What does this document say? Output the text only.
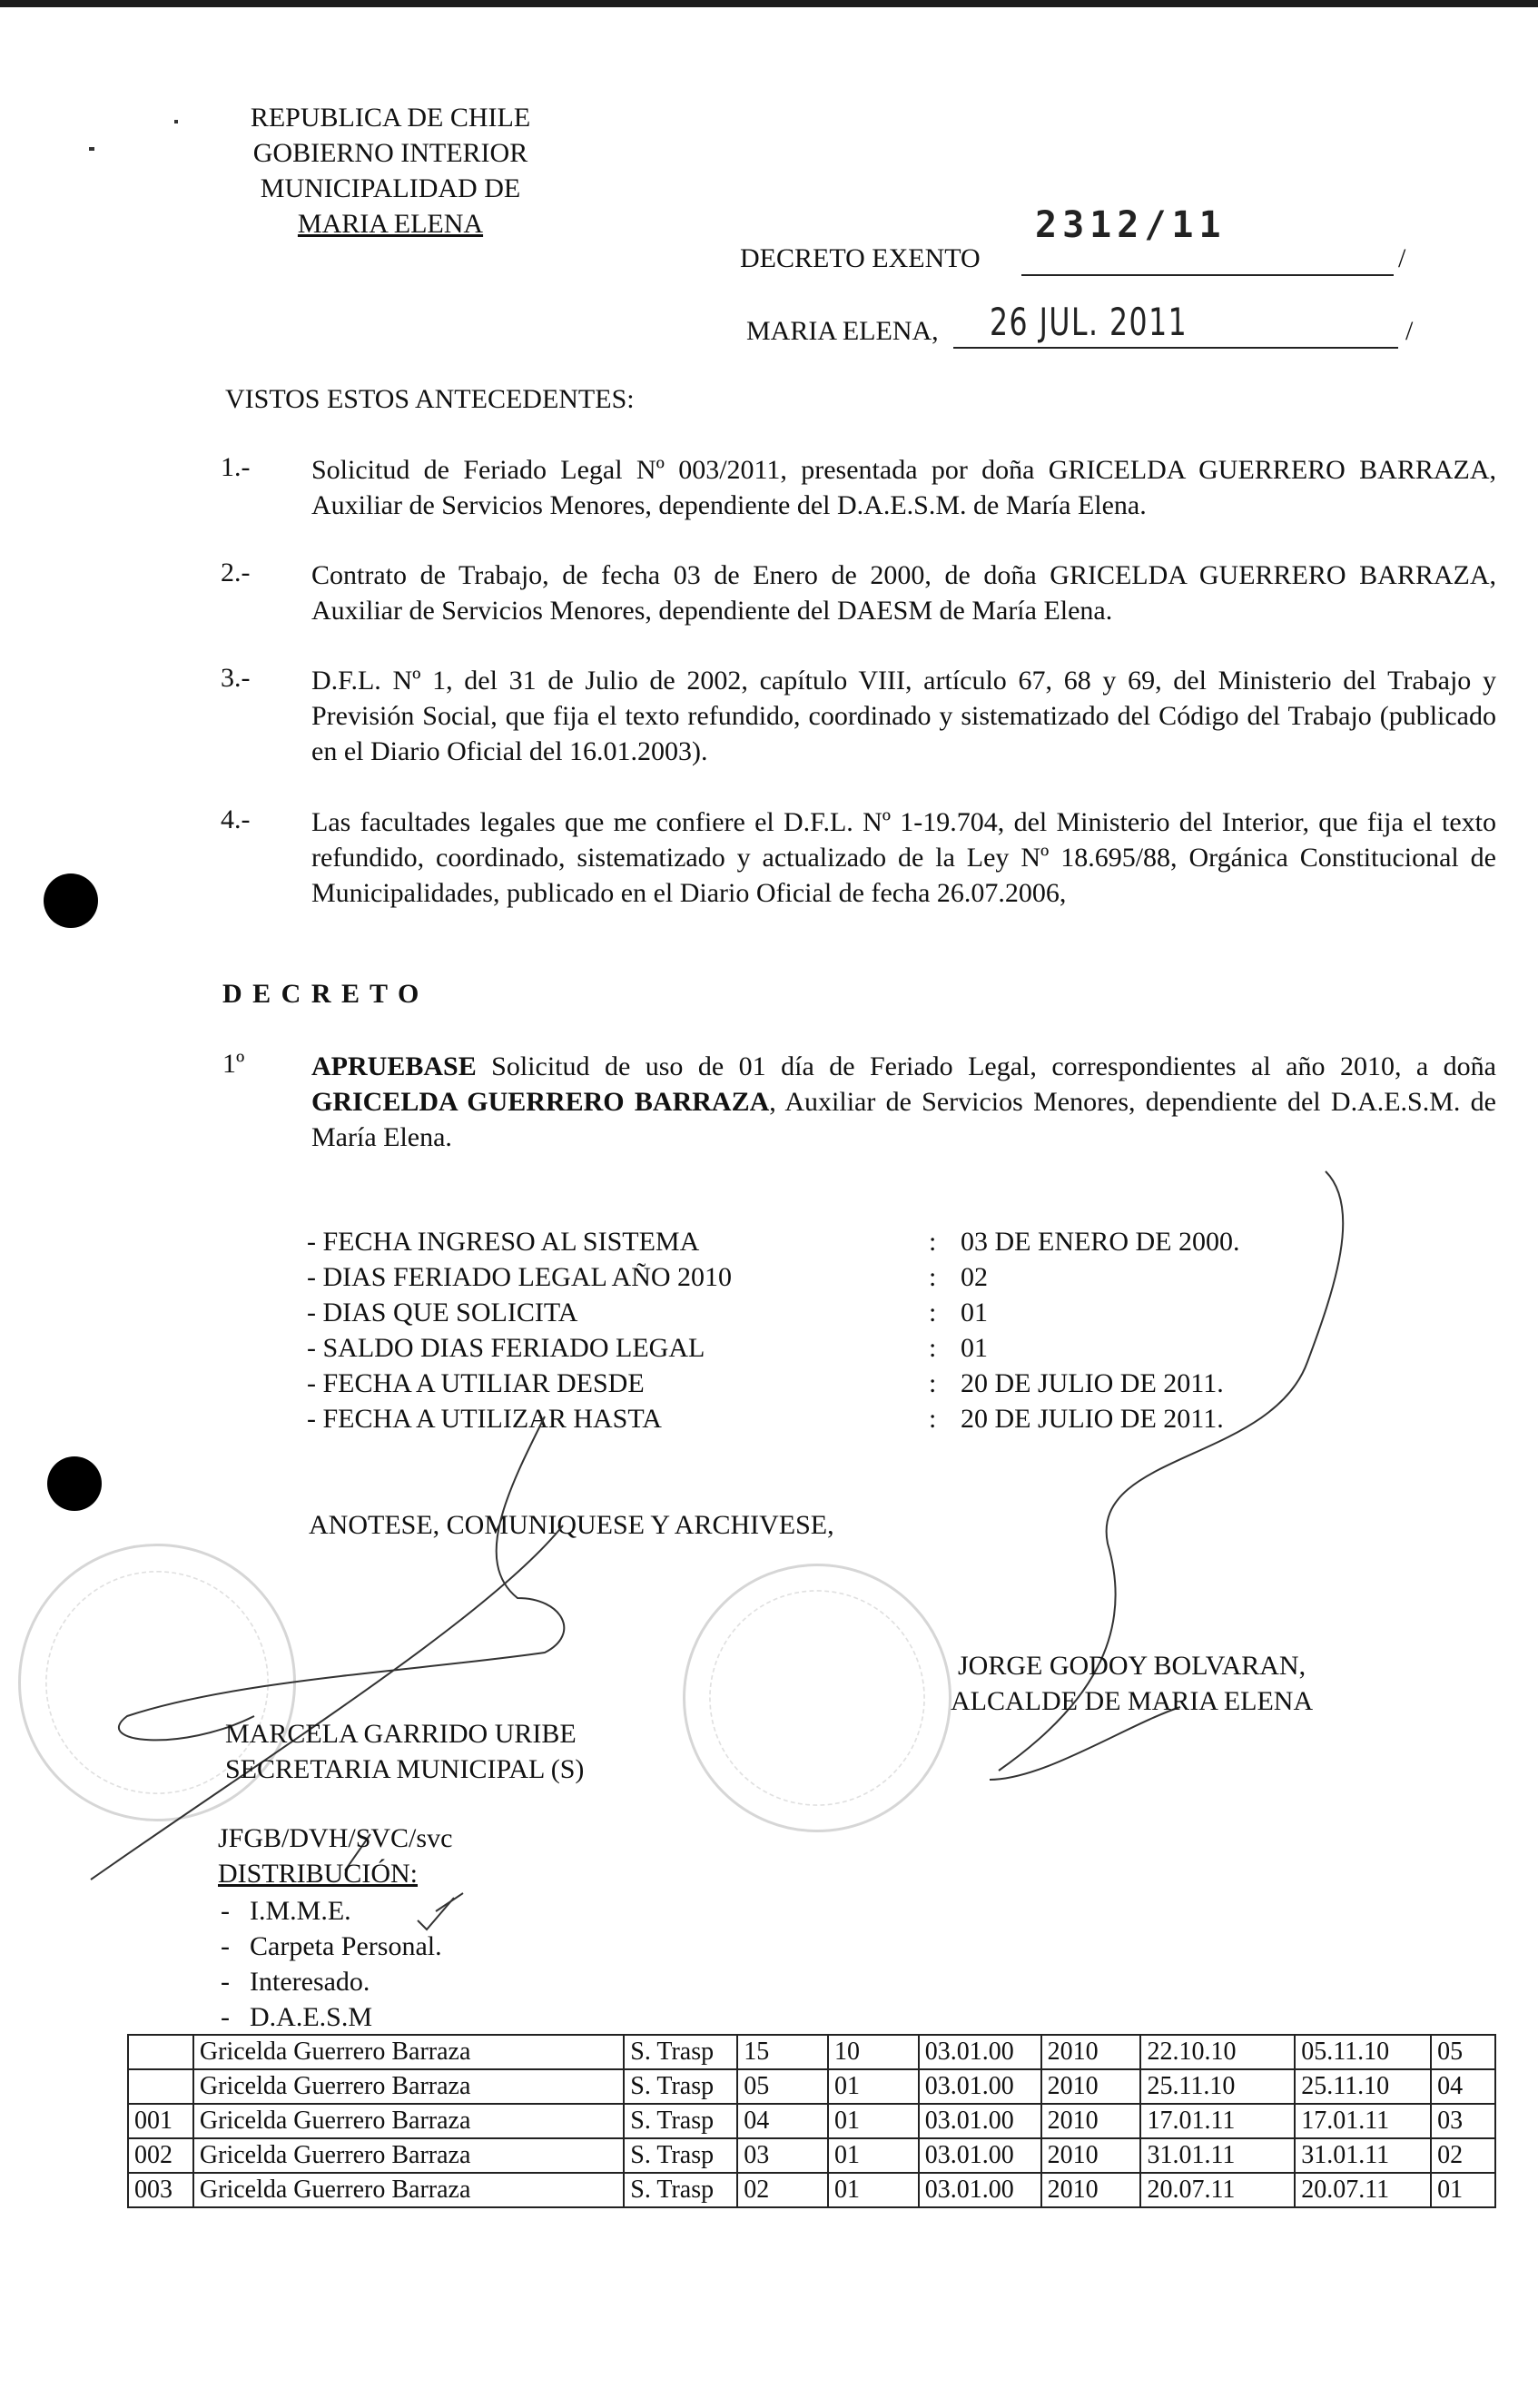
REPUBLICA DE CHILE
GOBIERNO INTERIOR
MUNICIPALIDAD DE
MARIA ELENA
DECRETO EXENTO
2312/11
/
MARIA ELENA, 26 JUL. 2011	/
VISTOS ESTOS ANTECEDENTES:
1.- Solicitud de Feriado Legal Nº 003/2011, presentada por doña GRICELDA GUERRERO BARRAZA, Auxiliar de Servicios Menores, dependiente del D.A.E.S.M. de María Elena.
2.- Contrato de Trabajo, de fecha 03 de Enero de 2000, de doña GRICELDA GUERRERO BARRAZA, Auxiliar de Servicios Menores, dependiente del DAESM de María Elena.
3.- D.F.L. Nº 1, del 31 de Julio de 2002, capítulo VIII, artículo 67, 68 y 69, del Ministerio del Trabajo y Previsión Social, que fija el texto refundido, coordinado y sistematizado del Código del Trabajo (publicado en el Diario Oficial del 16.01.2003).
4.- Las facultades legales que me confiere el D.F.L. Nº 1-19.704, del Ministerio del Interior, que fija el texto refundido, coordinado, sistematizado y actualizado de la Ley Nº 18.695/88, Orgánica Constitucional de Municipalidades, publicado en el Diario Oficial de fecha 26.07.2006,
D E C R E T O
1º APRUEBASE Solicitud de uso de 01 día de Feriado Legal, correspondientes al año 2010, a doña GRICELDA GUERRERO BARRAZA, Auxiliar de Servicios Menores, dependiente del D.A.E.S.M. de María Elena.
- FECHA INGRESO AL SISTEMA	: 03 DE ENERO DE 2000.
- DIAS FERIADO LEGAL AÑO 2010	: 02
- DIAS QUE SOLICITA	: 01
- SALDO DIAS FERIADO LEGAL	: 01
- FECHA A UTILIAR DESDE	: 20 DE JULIO DE 2011.
- FECHA A UTILIZAR HASTA	: 20 DE JULIO DE 2011.
ANOTESE, COMUNIQUESE Y ARCHIVESE,
JORGE GODOY BOLVARAN,
ALCALDE DE MARIA ELENA
MARCELA GARRIDO URIBE
SECRETARIA MUNICIPAL (S)
JFGB/DVH/SVC/svc
DISTRIBUCIÓN:
- I.M.M.E.
- Carpeta Personal.
- Interesado.
- D.A.E.S.M
	Gricelda Guerrero Barraza	S. Trasp	15	10	03.01.00	2010	22.10.10	05.11.10	05
	Gricelda Guerrero Barraza	S. Trasp	05	01	03.01.00	2010	25.11.10	25.11.10	04
001	Gricelda Guerrero Barraza	S. Trasp	04	01	03.01.00	2010	17.01.11	17.01.11	03
002	Gricelda Guerrero Barraza	S. Trasp	03	01	03.01.00	2010	31.01.11	31.01.11	02
003	Gricelda Guerrero Barraza	S. Trasp	02	01	03.01.00	2010	20.07.11	20.07.11	01
